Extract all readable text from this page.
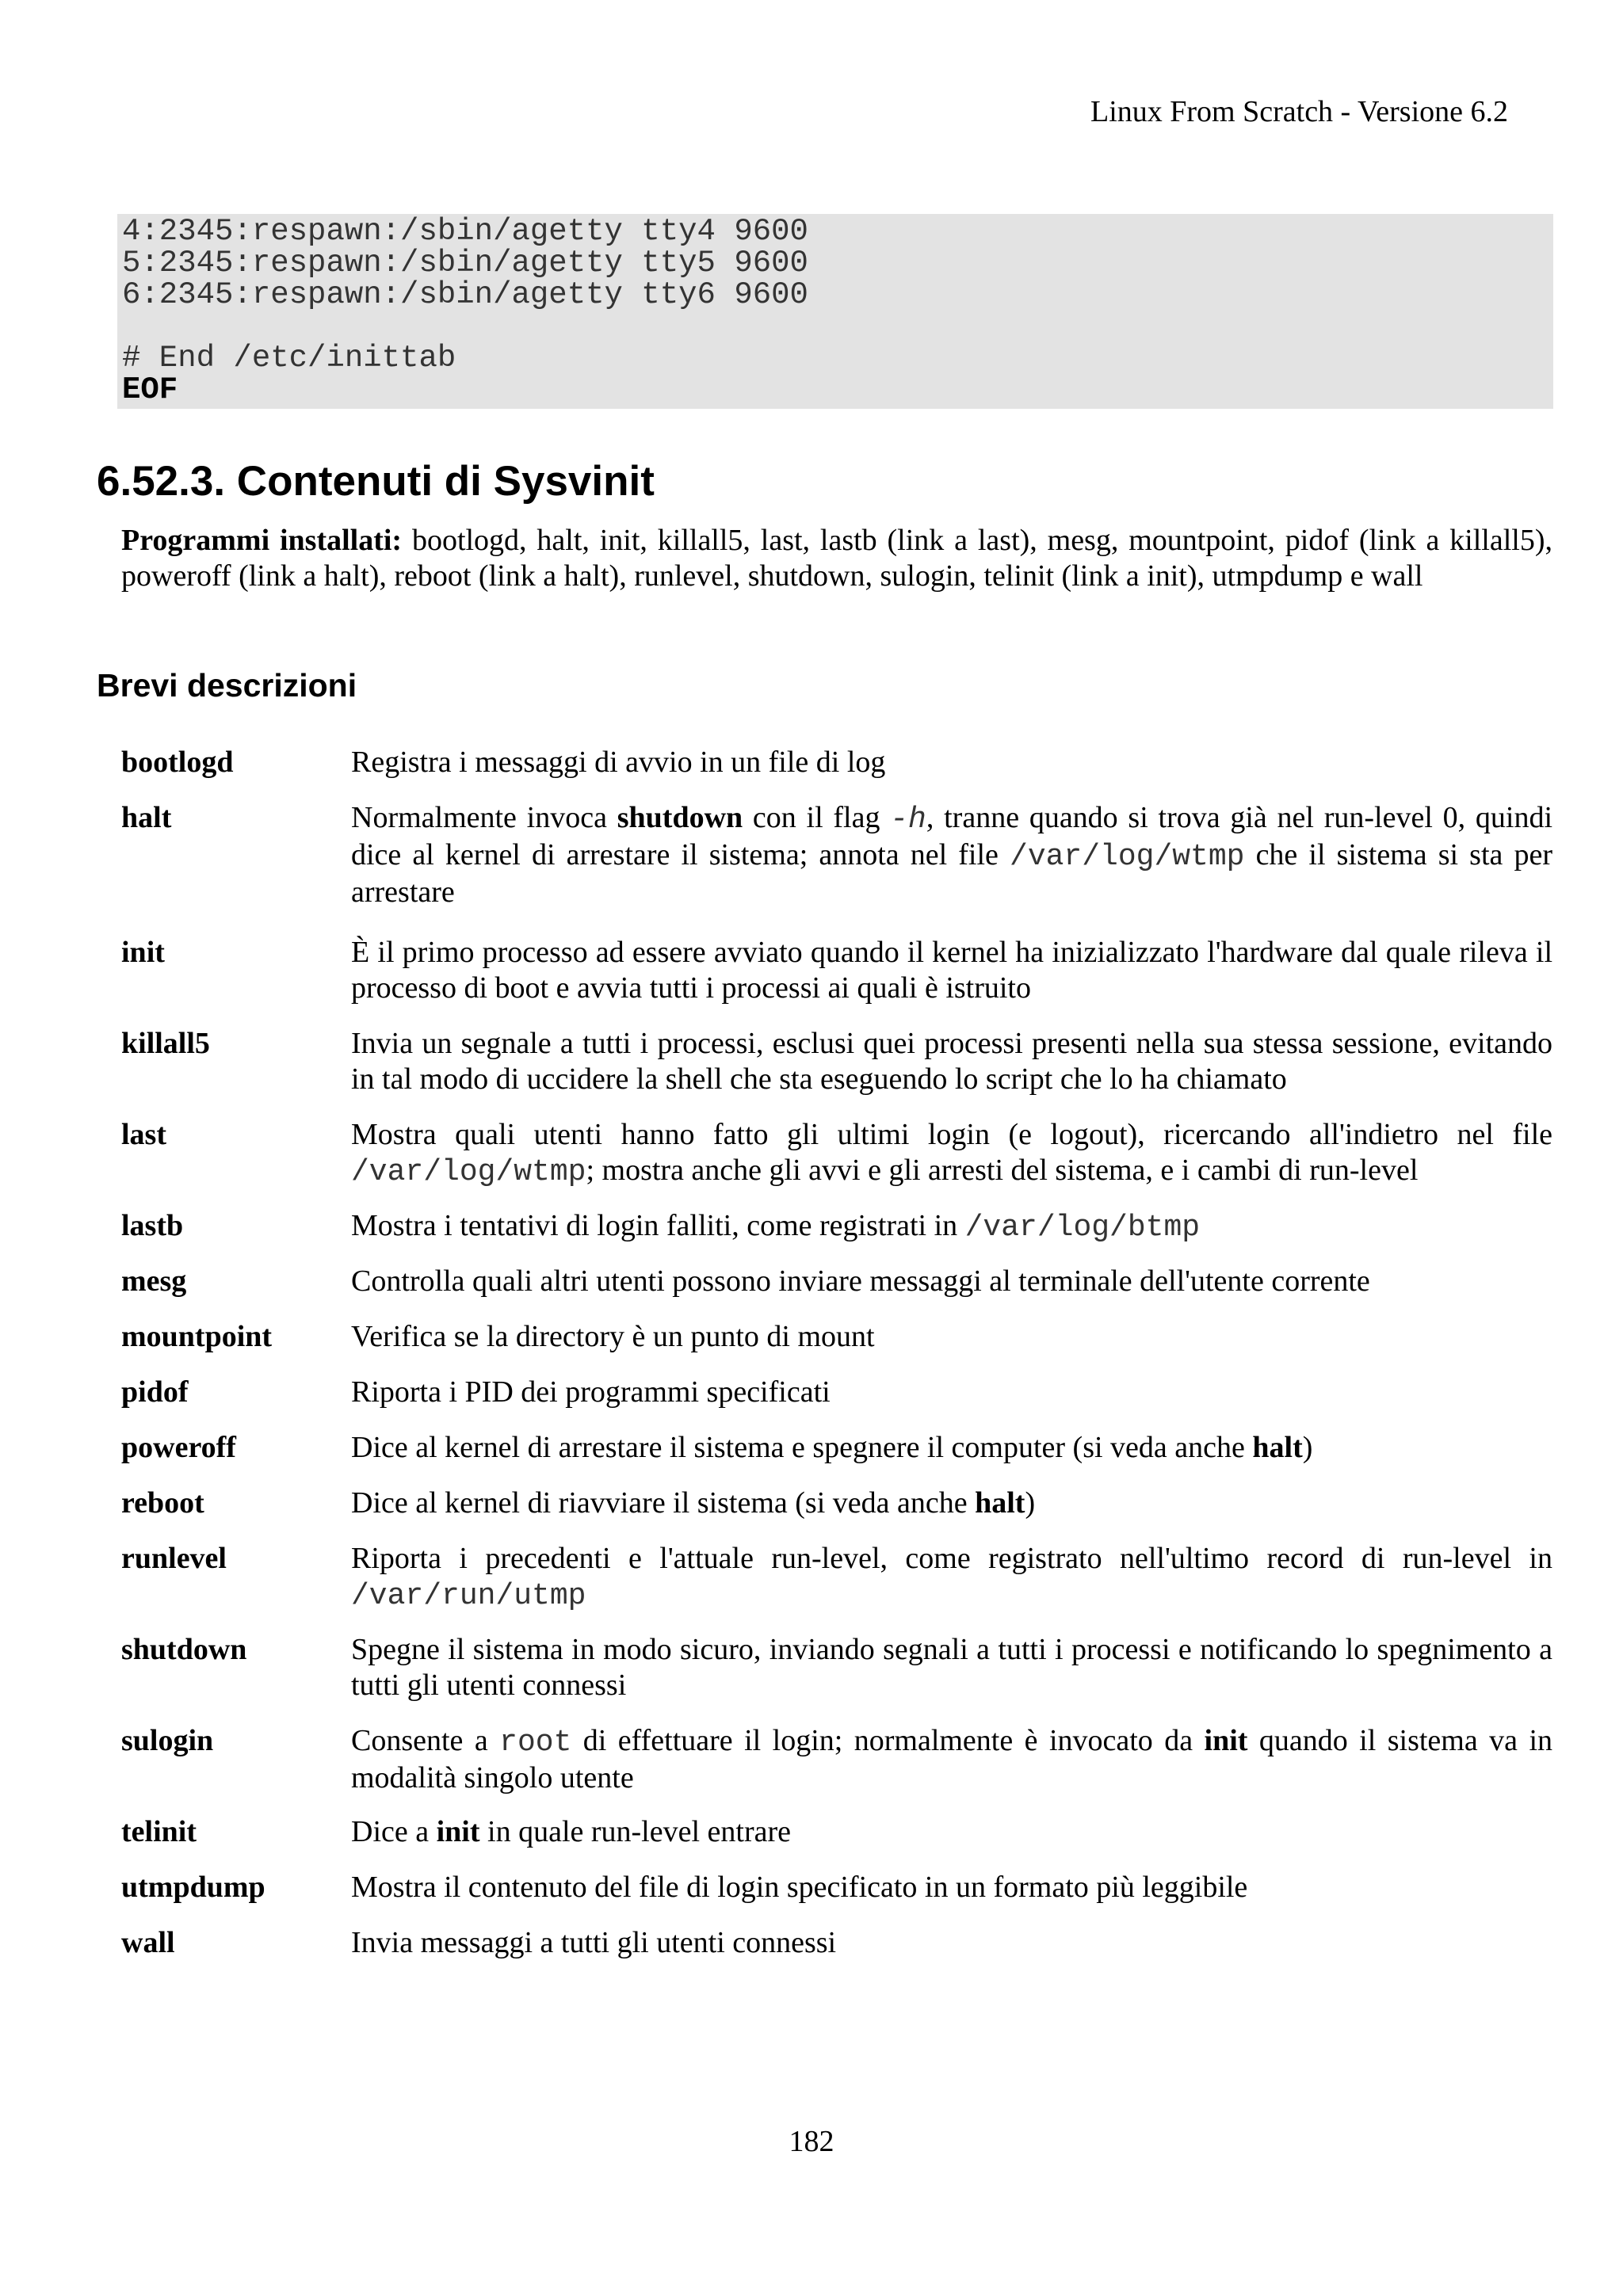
Linux From Scratch - Versione 6.2
4:2345:respawn:/sbin/agetty tty4 9600
5:2345:respawn:/sbin/agetty tty5 9600
6:2345:respawn:/sbin/agetty tty6 9600
# End /etc/inittab
EOF
6.52.3. Contenuti di Sysvinit
Programmi installati: bootlogd, halt, init, killall5, last, lastb (link a last), mesg, mountpoint, pidof (link a killall5), poweroff (link a halt), reboot (link a halt), runlevel, shutdown, sulogin, telinit (link a init), utmpdump e wall
Brevi descrizioni
bootlogd	Registra i messaggi di avvio in un file di log
halt	Normalmente invoca shutdown con il flag -h, tranne quando si trova già nel run-level 0, quindi dice al kernel di arrestare il sistema; annota nel file /var/log/wtmp che il sistema si sta per arrestare
init	È il primo processo ad essere avviato quando il kernel ha inizializzato l'hardware dal quale rileva il processo di boot e avvia tutti i processi ai quali è istruito
killall5	Invia un segnale a tutti i processi, esclusi quei processi presenti nella sua stessa sessione, evitando in tal modo di uccidere la shell che sta eseguendo lo script che lo ha chiamato
last	Mostra quali utenti hanno fatto gli ultimi login (e logout), ricercando all'indietro nel file /var/log/wtmp; mostra anche gli avvi e gli arresti del sistema, e i cambi di run-level
lastb	Mostra i tentativi di login falliti, come registrati in /var/log/btmp
mesg	Controlla quali altri utenti possono inviare messaggi al terminale dell'utente corrente
mountpoint	Verifica se la directory è un punto di mount
pidof	Riporta i PID dei programmi specificati
poweroff	Dice al kernel di arrestare il sistema e spegnere il computer (si veda anche halt)
reboot	Dice al kernel di riavviare il sistema (si veda anche halt)
runlevel	Riporta i precedenti e l'attuale run-level, come registrato nell'ultimo record di run-level in /var/run/utmp
shutdown	Spegne il sistema in modo sicuro, inviando segnali a tutti i processi e notificando lo spegnimento a tutti gli utenti connessi
sulogin	Consente a root di effettuare il login; normalmente è invocato da init quando il sistema va in modalità singolo utente
telinit	Dice a init in quale run-level entrare
utmpdump	Mostra il contenuto del file di login specificato in un formato più leggibile
wall	Invia messaggi a tutti gli utenti connessi
182
